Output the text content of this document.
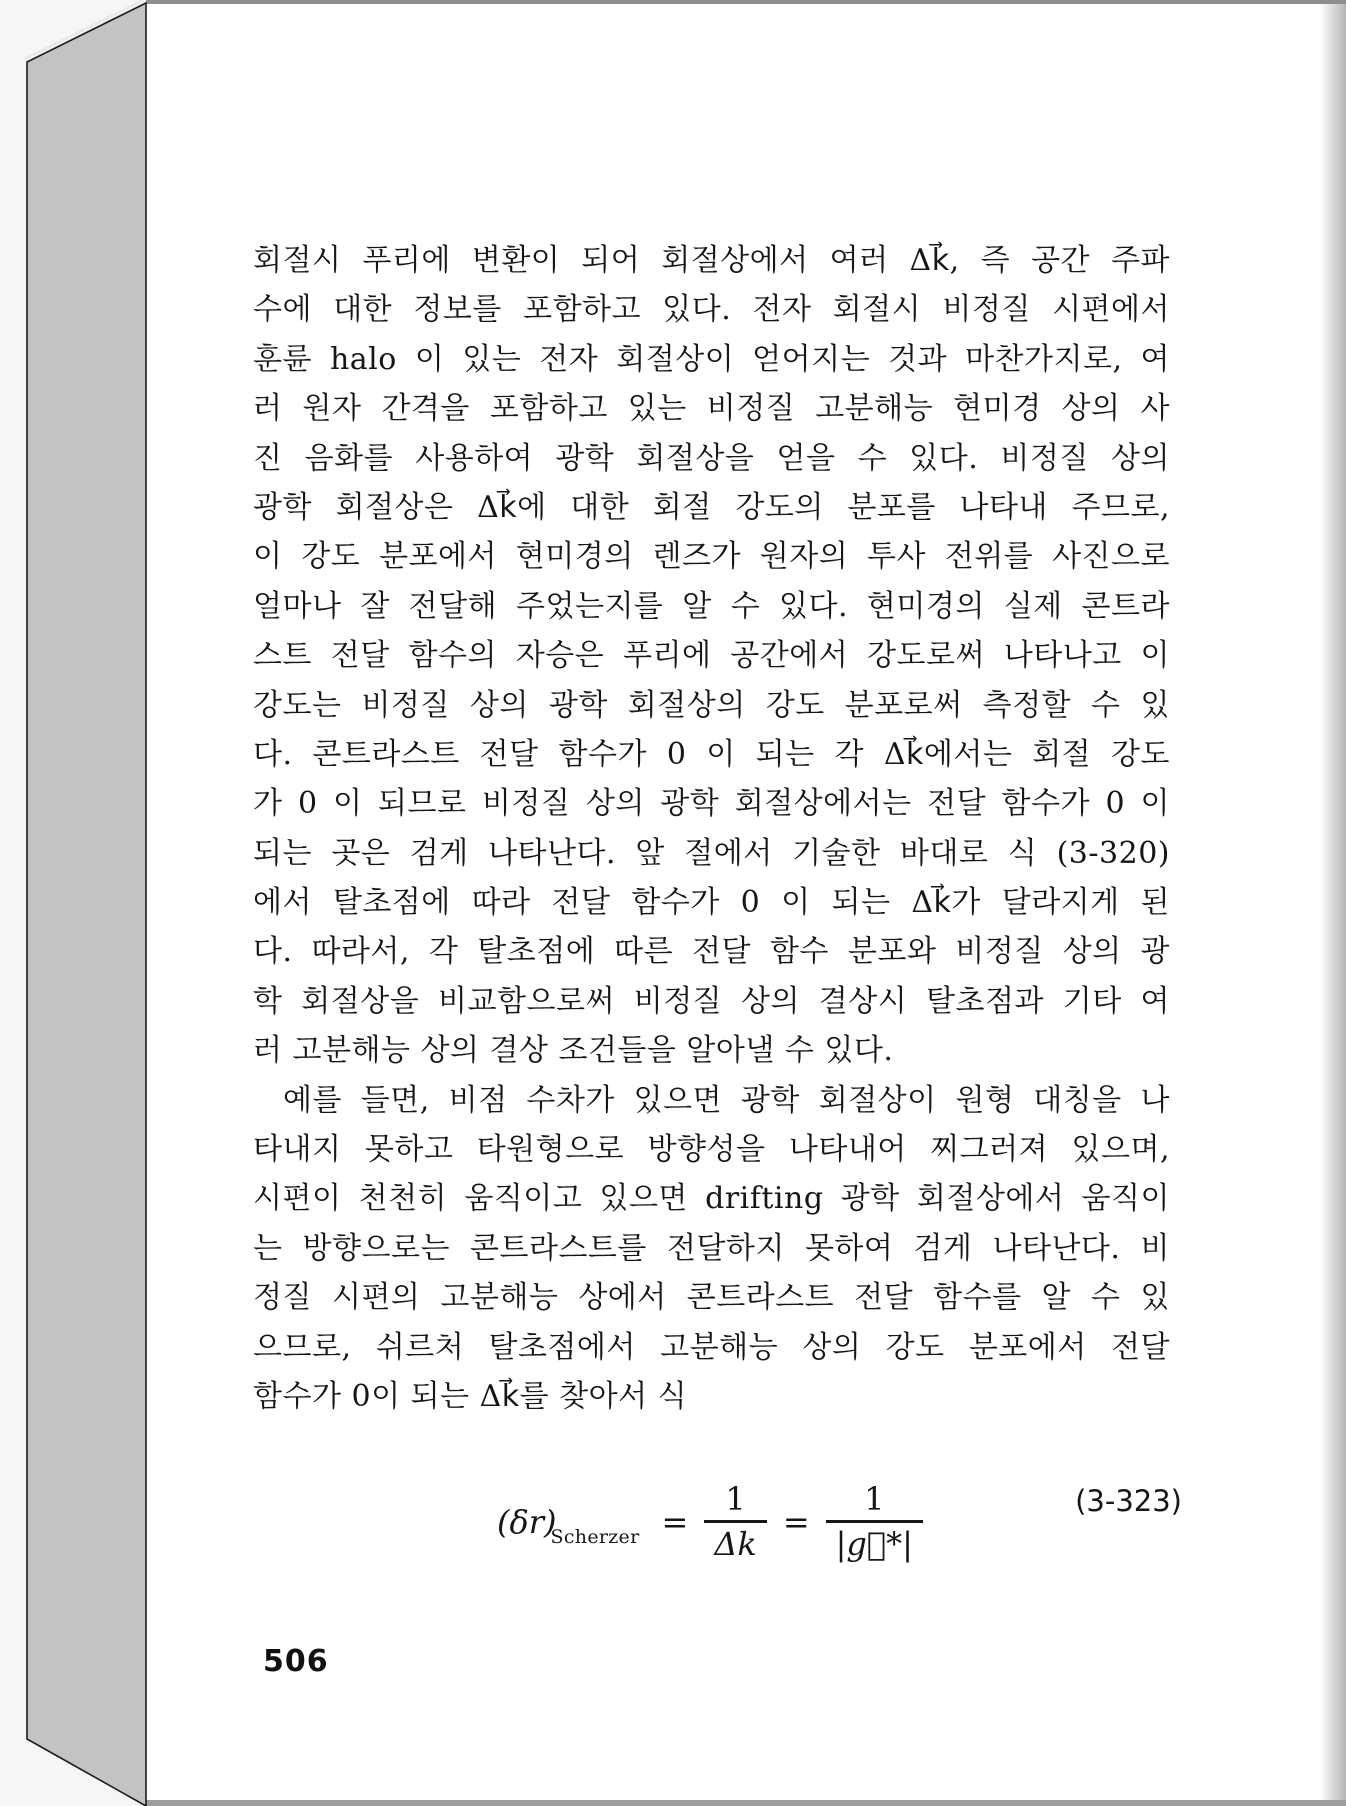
회절시 푸리에 변환이 되어 회절상에서 여러 Δk⃗, 즉 공간 주파
수에 대한 정보를 포함하고 있다. 전자 회절시 비정질 시편에서
훈륜 halo 이 있는 전자 회절상이 얻어지는 것과 마찬가지로, 여
러 원자 간격을 포함하고 있는 비정질 고분해능 현미경 상의 사
진 음화를 사용하여 광학 회절상을 얻을 수 있다. 비정질 상의
광학 회절상은 Δk⃗에 대한 회절 강도의 분포를 나타내 주므로,
이 강도 분포에서 현미경의 렌즈가 원자의 투사 전위를 사진으로
얼마나 잘 전달해 주었는지를 알 수 있다. 현미경의 실제 콘트라
스트 전달 함수의 자승은 푸리에 공간에서 강도로써 나타나고 이
강도는 비정질 상의 광학 회절상의 강도 분포로써 측정할 수 있
다. 콘트라스트 전달 함수가 0 이 되는 각 Δk⃗에서는 회절 강도
가 0 이 되므로 비정질 상의 광학 회절상에서는 전달 함수가 0 이
되는 곳은 검게 나타난다. 앞 절에서 기술한 바대로 식 (3-320)
에서 탈초점에 따라 전달 함수가 0 이 되는 Δk⃗가 달라지게 된
다. 따라서, 각 탈초점에 따른 전달 함수 분포와 비정질 상의 광
학 회절상을 비교함으로써 비정질 상의 결상시 탈초점과 기타 여
러 고분해능 상의 결상 조건들을 알아낼 수 있다.
예를 들면, 비점 수차가 있으면 광학 회절상이 원형 대칭을 나
타내지 못하고 타원형으로 방향성을 나타내어 찌그러져 있으며,
시편이 천천히 움직이고 있으면 drifting 광학 회절상에서 움직이
는 방향으로는 콘트라스트를 전달하지 못하여 검게 나타난다. 비
정질 시편의 고분해능 상에서 콘트라스트 전달 함수를 알 수 있
으므로, 쉬르처 탈초점에서 고분해능 상의 강도 분포에서 전달
함수가 0이 되는 Δk⃗를 찾아서 식
$(\delta r)_{Scherzer} = \frac{1}{\Delta k} = \frac{1}{|g⃗*|}$	(3-323)
506
